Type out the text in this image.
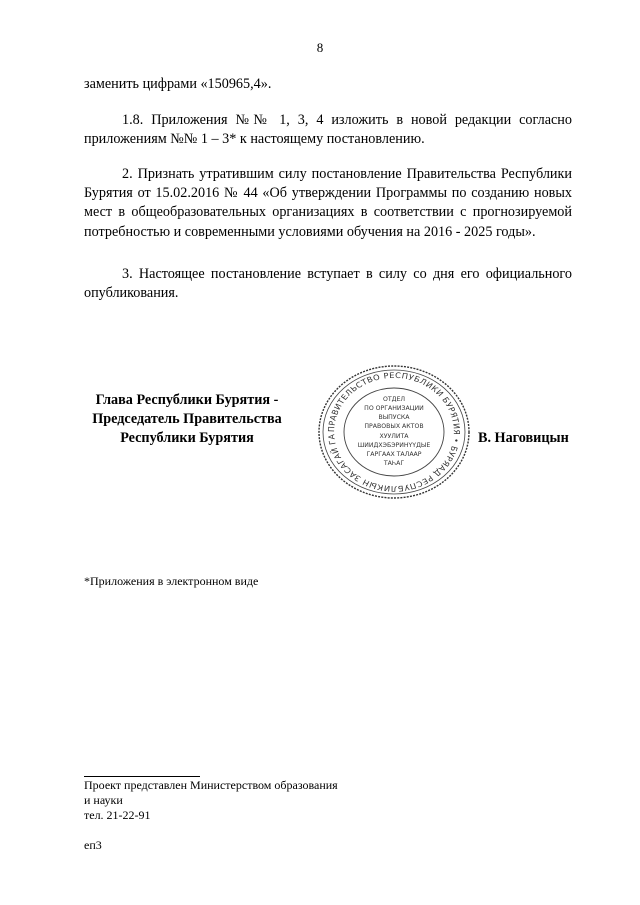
8

заменить цифрами «150965,4».

1.8. Приложения №№ 1, 3, 4 изложить в новой редакции согласно приложениям №№ 1 – 3* к настоящему постановлению.

2. Признать утратившим силу постановление Правительства Республики Бурятия от 15.02.2016 № 44 «Об утверждении Программы по созданию новых мест в общеобразовательных организациях в соответствии с прогнозируемой потребностью и современными условиями обучения на 2016 - 2025 годы».

3. Настоящее постановление вступает в силу со дня его официального опубликования.

Глава Республики Бурятия -
Председатель Правительства
Республики Бурятия
ПРАВИТЕЛЬСТВО РЕСПУБЛИКИ БУРЯТИЯ • БУРЯАД РЕСПУБЛИКЫН ЗАСАГАЙ ГА
ОТДЕЛ
ПО ОРГАНИЗАЦИИ
ВЫПУСКА
ПРАВОВЫХ АКТОВ
ХУУЛИТА
ШИИДХЭБЭРИНҮҮДЫЕ
ГАРГААХ ТАЛААР
ТАҺАГ
В. Наговицын
*Приложения в электронном виде
Проект представлен Министерством образования
и науки
тел. 21-22-91
еп3
